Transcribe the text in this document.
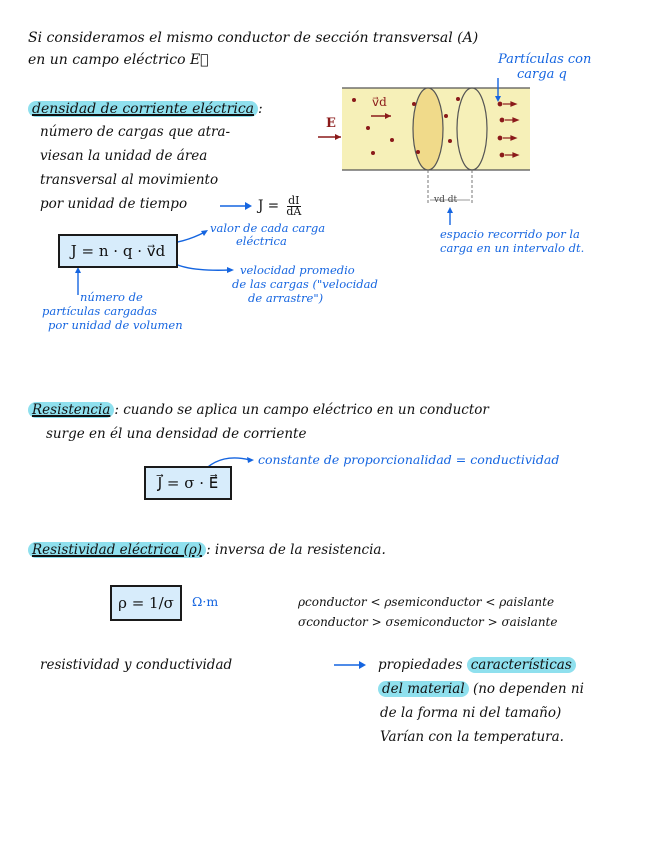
Si consideramos el mismo conductor de sección transversal (A)
en un campo eléctrico E⃗	Partículas con
carga q
E
v⃗d
vd dt
espacio recorrido por la
carga en un intervalo dt.
densidad de corriente eléctrica :
número de cargas que atra-
viesan la unidad de área
transversal al movimiento
por unidad de tiempo	$J = \frac{dI}{dA}$
J = n · q · v⃗d
valor de cada carga
eléctrica
velocidad promedio
de las cargas ("velocidad
de arrastre")
número de
partículas cargadas
por unidad de volumen
Resistencia : cuando se aplica un campo eléctrico en un conductor
surge en él una densidad de corriente
J⃗ = σ · E⃗
constante de proporcionalidad = conductividad
Resistividad eléctrica (ρ) : inversa de la resistencia.
ρ = 1/σ	Ω·m	ρconductor < ρsemiconductor < ρaislante
σconductor > σsemiconductor > σaislante
resistividad y conductividad	propiedades características
del material (no dependen ni
de la forma ni del tamaño)
Varían con la temperatura.
